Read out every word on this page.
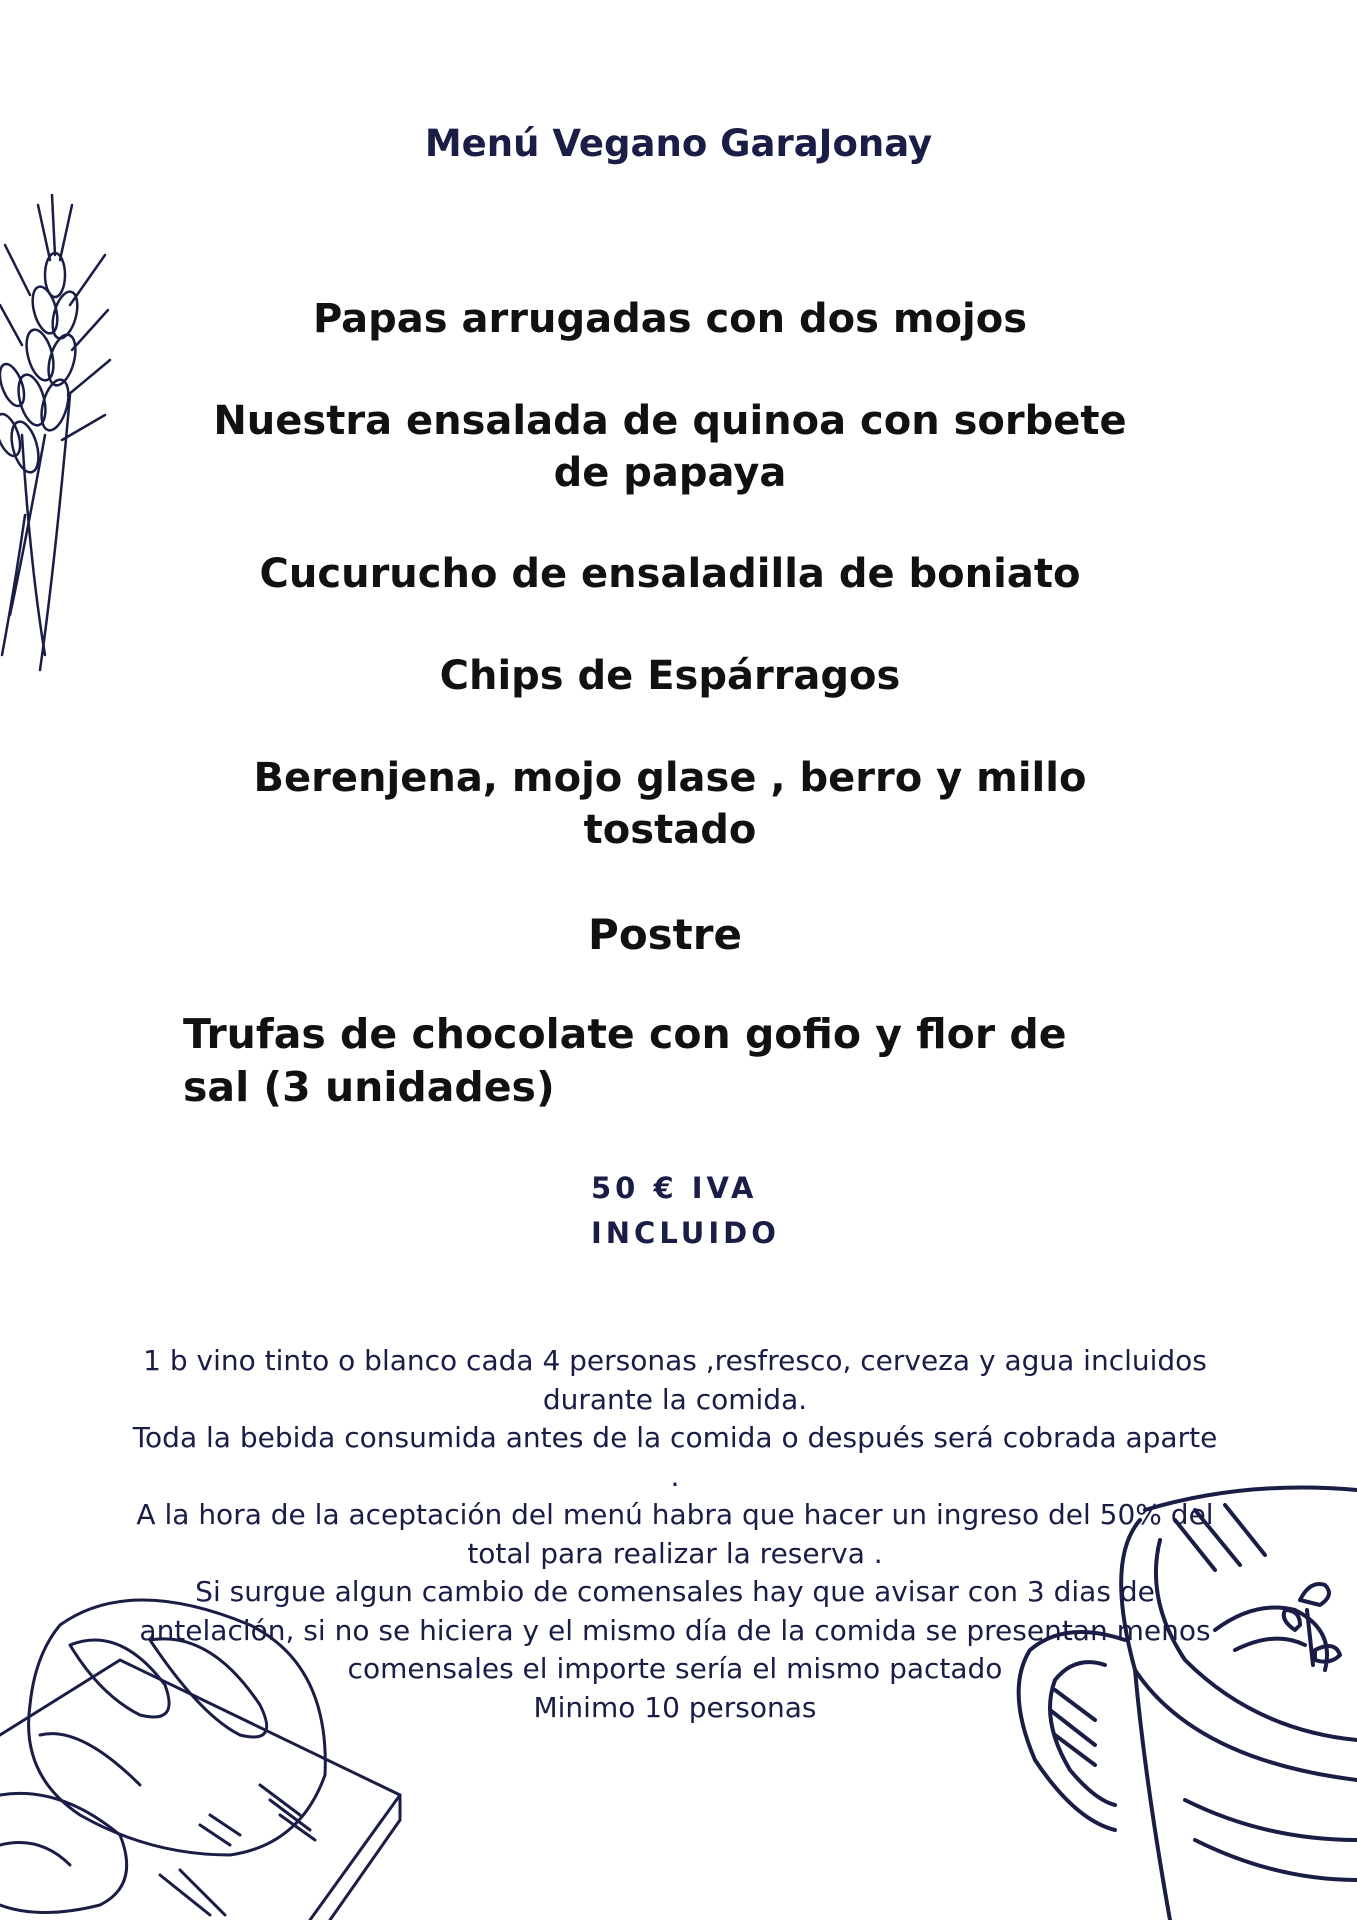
Menú Vegano GaraJonay
Papas arrugadas con dos mojos
Nuestra ensalada de quinoa con sorbete de papaya
Cucurucho de ensaladilla de boniato
Chips de Espárragos
Berenjena, mojo glase , berro y millo tostado
Postre
Trufas de chocolate con gofio y flor de sal (3 unidades)
50 € IVA
INCLUIDO
1 b vino tinto o blanco cada 4 personas ,resfresco, cerveza y agua incluidos durante la comida.
Toda la bebida consumida antes de la comida o después será cobrada aparte .
A la hora de la aceptación del menú habra que hacer un ingreso del 50% del total para realizar la reserva .
Si surgue algun cambio de comensales hay que avisar con 3 dias de antelación, si no se hiciera y el mismo día de la comida se presentan menos comensales el importe sería el mismo pactado
Minimo 10 personas
